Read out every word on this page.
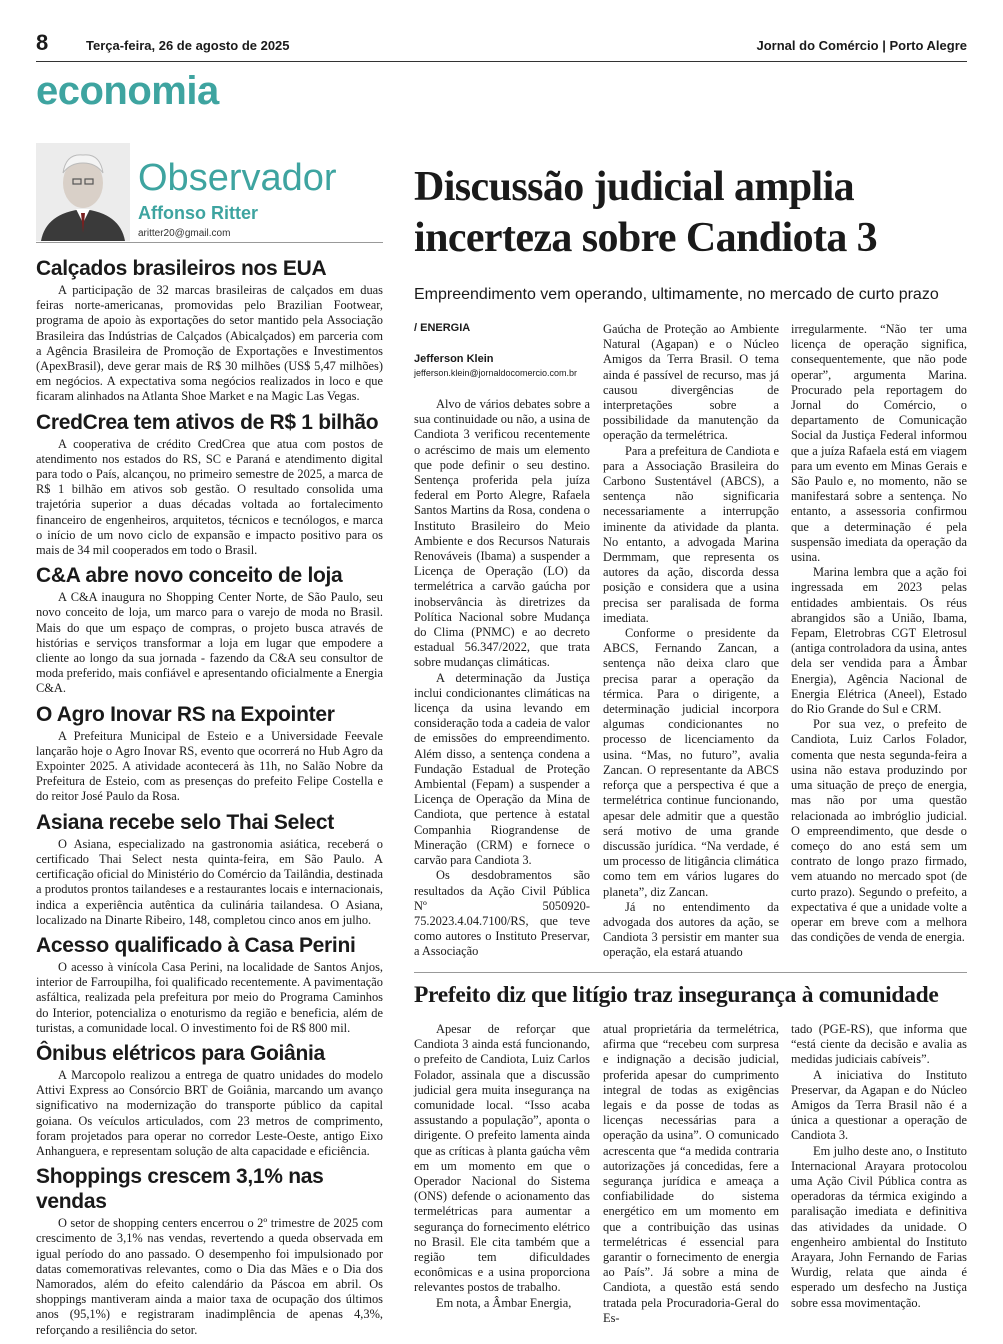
8	Terça-feira, 26 de agosto de 2025	Jornal do Comércio | Porto Alegre
economia
Observador
Affonso Ritter
aritter20@gmail.com
Calçados brasileiros nos EUA

A participação de 32 marcas brasileiras de calçados em duas feiras norte-americanas, promovidas pelo Brazilian Footwear, programa de apoio às exportações do setor mantido pela Associação Brasileira das Indústrias de Calçados (Abicalçados) em parceria com a Agência Brasileira de Promoção de Exportações e Investimentos (ApexBrasil), deve gerar mais de R$ 30 milhões (US$ 5,47 milhões) em negócios. A expectativa soma negócios realizados in loco e que ficaram alinhados na Atlanta Shoe Market e na Magic Las Vegas.

CredCrea tem ativos de R$ 1 bilhão

A cooperativa de crédito CredCrea que atua com postos de atendimento nos estados do RS, SC e Paraná e atendimento digital para todo o País, alcançou, no primeiro semestre de 2025, a marca de R$ 1 bilhão em ativos sob gestão. O resultado consolida uma trajetória superior a duas décadas voltada ao fortalecimento financeiro de engenheiros, arquitetos, técnicos e tecnólogos, e marca o início de um novo ciclo de expansão e impacto positivo para os mais de 34 mil cooperados em todo o Brasil.

C&A abre novo conceito de loja

A C&A inaugura no Shopping Center Norte, de São Paulo, seu novo conceito de loja, um marco para o varejo de moda no Brasil. Mais do que um espaço de compras, o projeto busca através de histórias e serviços transformar a loja em lugar que empodere a cliente ao longo da sua jornada - fazendo da C&A seu consultor de moda preferido, mais confiável e apresentando oficialmente a Energia C&A.

O Agro Inovar RS na Expointer

A Prefeitura Municipal de Esteio e a Universidade Feevale lançarão hoje o Agro Inovar RS, evento que ocorrerá no Hub Agro da Expointer 2025. A atividade acontecerá às 11h, no Salão Nobre da Prefeitura de Esteio, com as presenças do prefeito Felipe Costella e do reitor José Paulo da Rosa.

Asiana recebe selo Thai Select

O Asiana, especializado na gastronomia asiática, receberá o certificado Thai Select nesta quinta-feira, em São Paulo. A certificação oficial do Ministério do Comércio da Tailândia, destinada a produtos prontos tailandeses e a restaurantes locais e internacionais, indica a experiência autêntica da culinária tailandesa. O Asiana, localizado na Dinarte Ribeiro, 148, completou cinco anos em julho.

Acesso qualificado à Casa Perini

O acesso à vinícola Casa Perini, na localidade de Santos Anjos, interior de Farroupilha, foi qualificado recentemente. A pavimentação asfáltica, realizada pela prefeitura por meio do Programa Caminhos do Interior, potencializa o enoturismo da região e beneficia, além de turistas, a comunidade local. O investimento foi de R$ 800 mil.

Ônibus elétricos para Goiânia

A Marcopolo realizou a entrega de quatro unidades do modelo Attivi Express ao Consórcio BRT de Goiânia, marcando um avanço significativo na modernização do transporte público da capital goiana. Os veículos articulados, com 23 metros de comprimento, foram projetados para operar no corredor Leste-Oeste, antigo Eixo Anhanguera, e representam solução de alta capacidade e eficiência.

Shoppings crescem 3,1% nas vendas

O setor de shopping centers encerrou o 2º trimestre de 2025 com crescimento de 3,1% nas vendas, revertendo a queda observada em igual período do ano passado. O desempenho foi impulsionado por datas comemorativas relevantes, como o Dia das Mães e o Dia dos Namorados, além do efeito calendário da Páscoa em abril. Os shoppings mantiveram ainda a maior taxa de ocupação dos últimos anos (95,1%) e registraram inadimplência de apenas 4,3%, reforçando a resiliência do setor.

Discussão judicial amplia incerteza sobre Candiota 3
Empreendimento vem operando, ultimamente, no mercado de curto prazo
/ ENERGIA
Jefferson Klein
jefferson.klein@jornaldocomercio.com.br

Alvo de vários debates sobre a sua continuidade ou não, a usina de Candiota 3 verificou recentemente o acréscimo de mais um elemento que pode definir o seu destino. Sentença proferida pela juíza federal em Porto Alegre, Rafaela Santos Martins da Rosa, condena o Instituto Brasileiro do Meio Ambiente e dos Recursos Naturais Renováveis (Ibama) a suspender a Licença de Operação (LO) da termelétrica a carvão gaúcha por inobservância às diretrizes da Política Nacional sobre Mudança do Clima (PNMC) e ao decreto estadual 56.347/2022, que trata sobre mudanças climáticas.

A determinação da Justiça inclui condicionantes climáticas na licença da usina levando em consideração toda a cadeia de valor de emissões do empreendimento. Além disso, a sentença condena a Fundação Estadual de Proteção Ambiental (Fepam) a suspender a Licença de Operação da Mina de Candiota, que pertence à estatal Companhia Riograndense de Mineração (CRM) e fornece o carvão para Candiota 3.

Os desdobramentos são resultados da Ação Civil Pública Nº 5050920-75.2023.4.04.7100/RS, que teve como autores o Instituto Preservar, a Associação

Gaúcha de Proteção ao Ambiente Natural (Agapan) e o Núcleo Amigos da Terra Brasil. O tema ainda é passível de recurso, mas já causou divergências de interpretações sobre a possibilidade da manutenção da operação da termelétrica.

Para a prefeitura de Candiota e para a Associação Brasileira do Carbono Sustentável (ABCS), a sentença não significaria necessariamente a interrupção iminente da atividade da planta. No entanto, a advogada Marina Dermmam, que representa os autores da ação, discorda dessa posição e considera que a usina precisa ser paralisada de forma imediata.

Conforme o presidente da ABCS, Fernando Zancan, a sentença não deixa claro que precisa parar a operação da térmica. Para o dirigente, a determinação judicial incorpora algumas condicionantes no processo de licenciamento da usina. “Mas, no futuro”, avalia Zancan. O representante da ABCS reforça que a perspectiva é que a termelétrica continue funcionando, apesar dele admitir que a questão será motivo de uma grande discussão jurídica. “Na verdade, é um processo de litigância climática como tem em vários lugares do planeta”, diz Zancan.

Já no entendimento da advogada dos autores da ação, se Candiota 3 persistir em manter sua operação, ela estará atuando

irregularmente. “Não ter uma licença de operação significa, consequentemente, que não pode operar”, argumenta Marina. Procurado pela reportagem do Jornal do Comércio, o departamento de Comunicação Social da Justiça Federal informou que a juíza Rafaela está em viagem para um evento em Minas Gerais e São Paulo e, no momento, não se manifestará sobre a sentença. No entanto, a assessoria confirmou que a determinação é pela suspensão imediata da operação da usina.

Marina lembra que a ação foi ingressada em 2023 pelas entidades ambientais. Os réus abrangidos são a União, Ibama, Fepam, Eletrobras CGT Eletrosul (antiga controladora da usina, antes dela ser vendida para a Âmbar Energia), Agência Nacional de Energia Elétrica (Aneel), Estado do Rio Grande do Sul e CRM.

Por sua vez, o prefeito de Candiota, Luiz Carlos Folador, comenta que nesta segunda-feira a usina não estava produzindo por uma situação de preço de energia, mas não por uma questão relacionada ao imbróglio judicial. O empreendimento, que desde o começo do ano está sem um contrato de longo prazo firmado, vem atuando no mercado spot (de curto prazo). Segundo o prefeito, a expectativa é que a unidade volte a operar em breve com a melhora das condições de venda de energia.

Prefeito diz que litígio traz insegurança à comunidade

Apesar de reforçar que Candiota 3 ainda está funcionando, o prefeito de Candiota, Luiz Carlos Folador, assinala que a discussão judicial gera muita insegurança na comunidade local. “Isso acaba assustando a população”, aponta o dirigente. O prefeito lamenta ainda que as críticas à planta gaúcha vêm em um momento em que o Operador Nacional do Sistema (ONS) defende o acionamento das termelétricas para aumentar a segurança do fornecimento elétrico no Brasil. Ele cita também que a região tem dificuldades econômicas e a usina proporciona relevantes postos de trabalho.

Em nota, a Âmbar Energia,

atual proprietária da termelétrica, afirma que “recebeu com surpresa e indignação a decisão judicial, proferida apesar do cumprimento integral de todas as exigências legais e da posse de todas as licenças necessárias para a operação da usina”. O comunicado acrescenta que “a medida contraria autorizações já concedidas, fere a segurança jurídica e ameaça a confiabilidade do sistema energético em um momento em que a contribuição das usinas termelétricas é essencial para garantir o fornecimento de energia ao País”. Já sobre a mina de Candiota, a questão está sendo tratada pela Procuradoria-Geral do Es-

tado (PGE-RS), que informa que “está ciente da decisão e avalia as medidas judiciais cabíveis”.

A iniciativa do Instituto Preservar, da Agapan e do Núcleo Amigos da Terra Brasil não é a única a questionar a operação de Candiota 3.

Em julho deste ano, o Instituto Internacional Arayara protocolou uma Ação Civil Pública contra as operadoras da térmica exigindo a paralisação imediata e definitiva das atividades da unidade. O engenheiro ambiental do Instituto Arayara, John Fernando de Farias Wurdig, relata que ainda é esperado um desfecho na Justiça sobre essa movimentação.
